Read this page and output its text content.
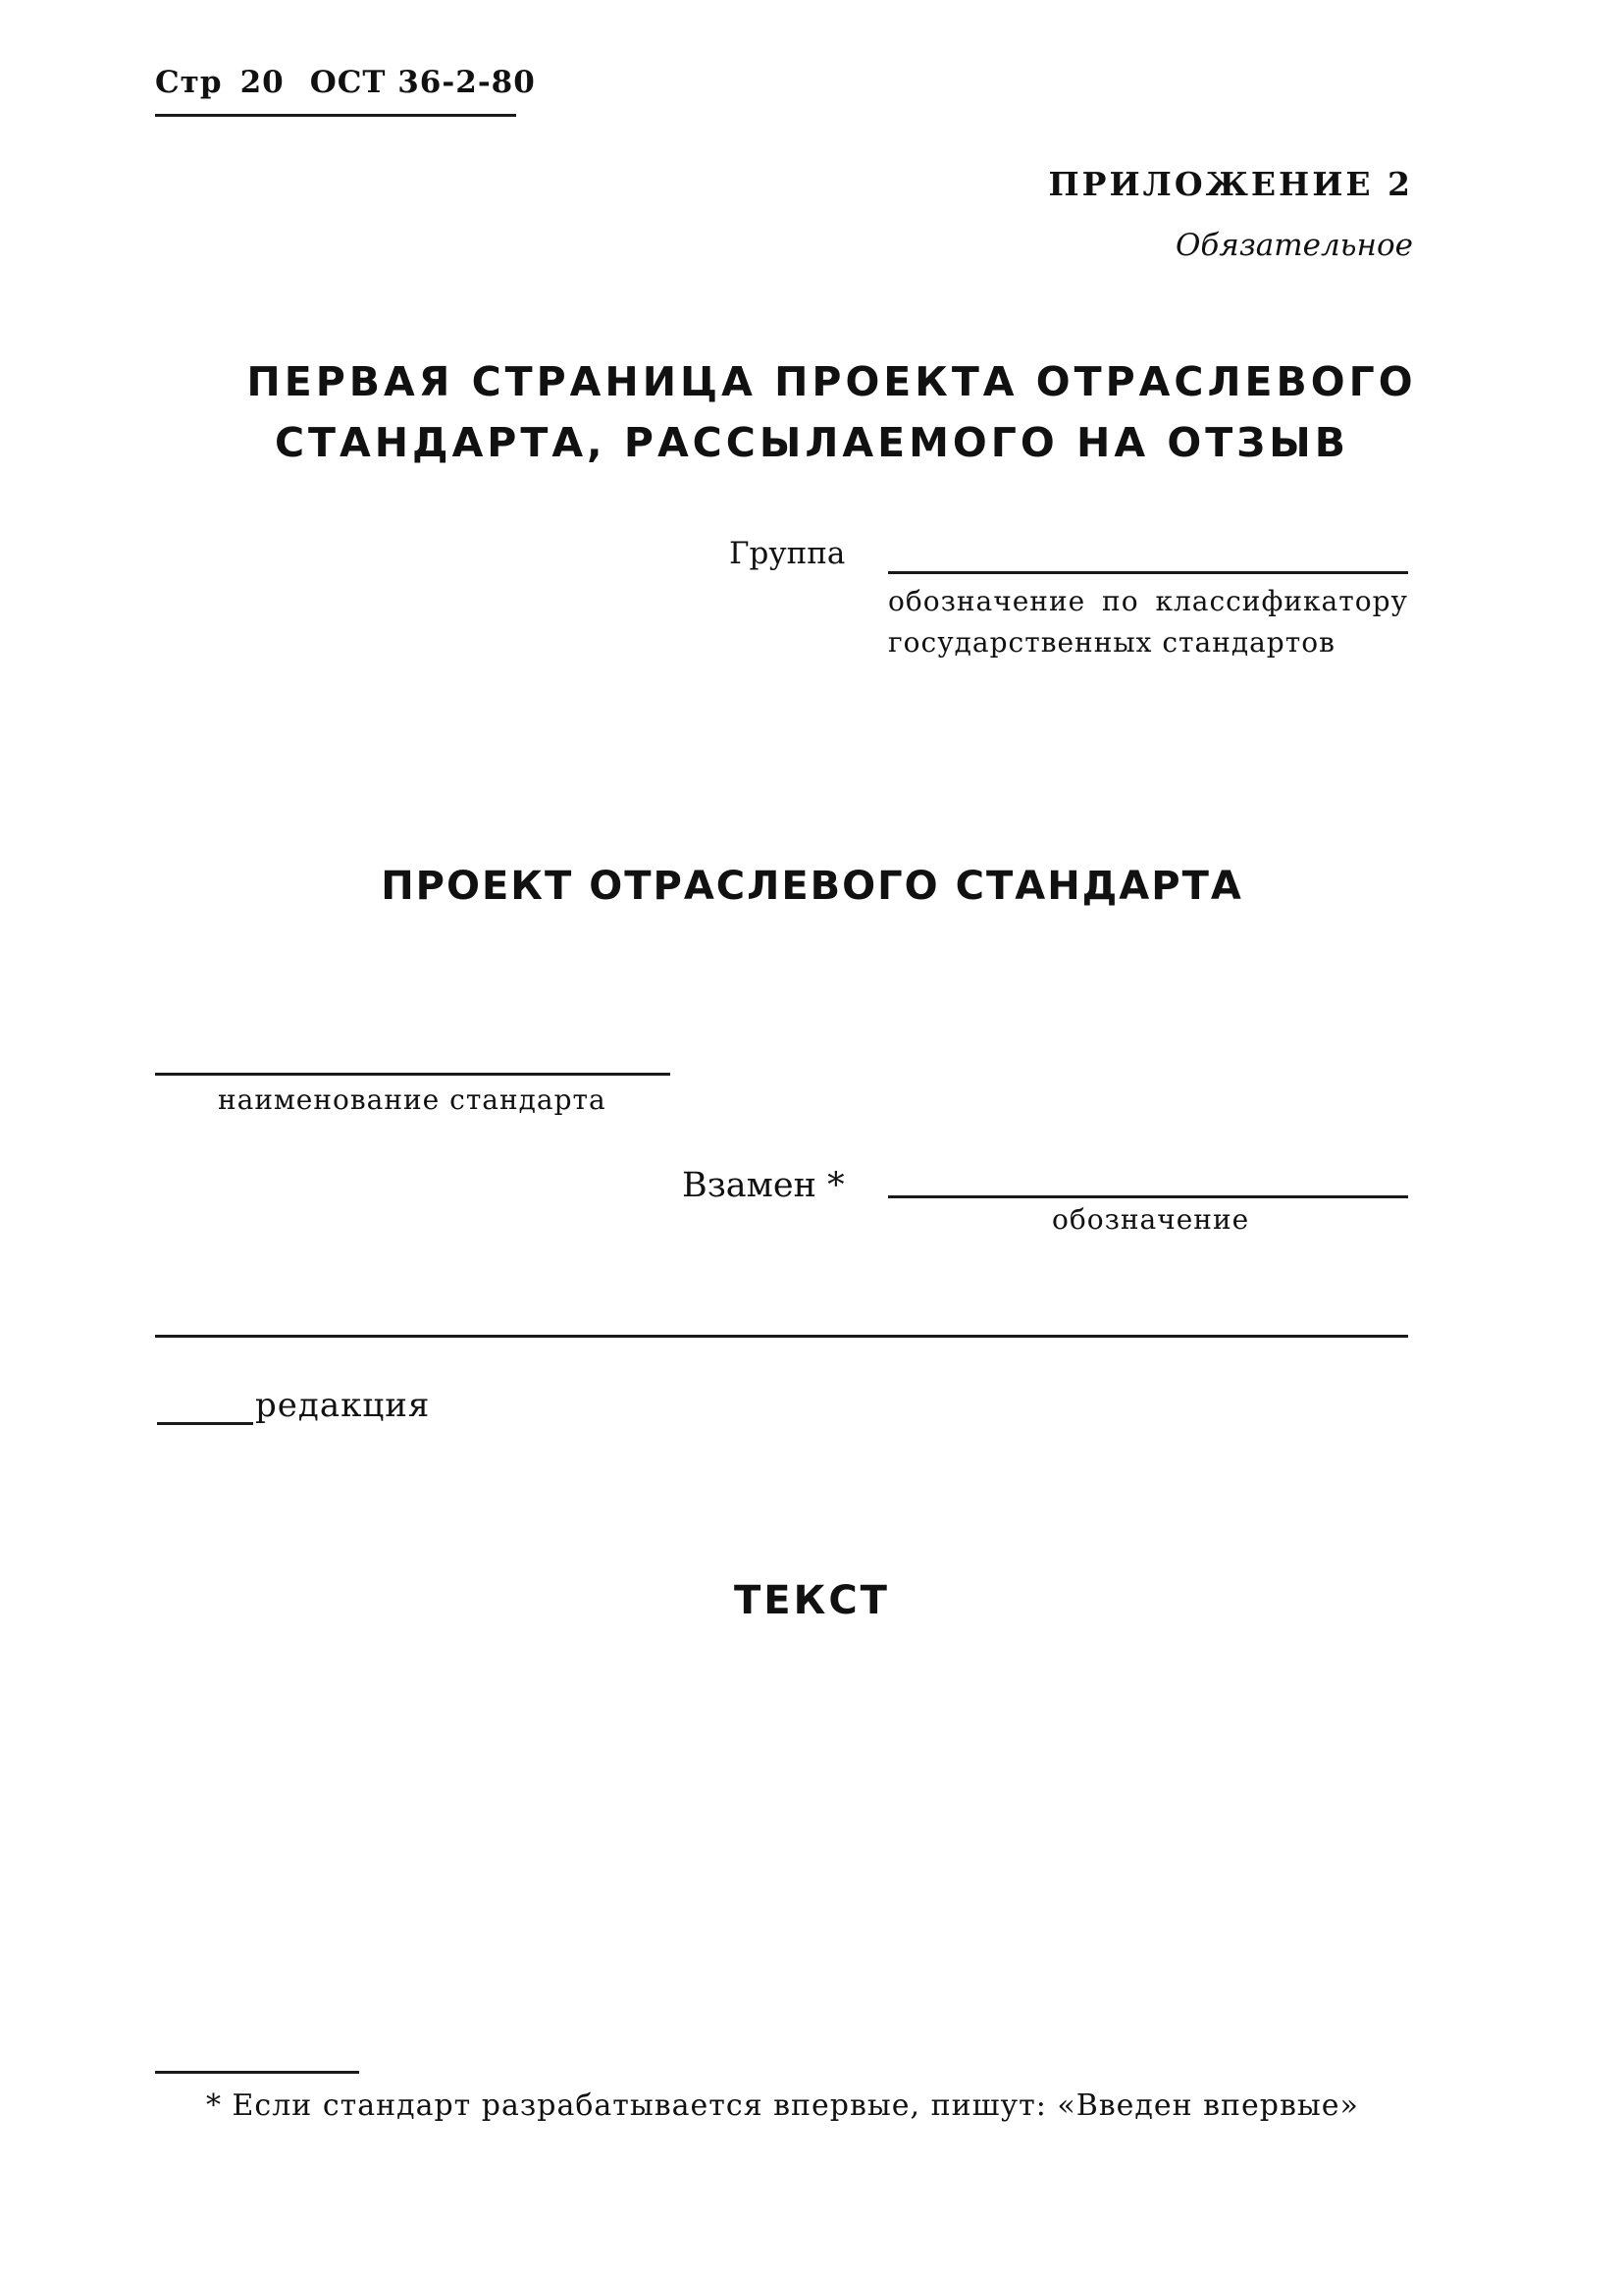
Стр 20 ОСТ 36-2-80
ПРИЛОЖЕНИЕ 2
Обязательное
ПЕРВАЯ СТРАНИЦА ПРОЕКТА ОТРАСЛЕВОГО
СТАНДАРТА, РАССЫЛАЕМОГО НА ОТЗЫВ
Группа
обозначение по классификатору государственных стандартов
ПРОЕКТ ОТРАСЛЕВОГО СТАНДАРТА
наименование стандарта
Взамен *
обозначение
редакция
ТЕКСТ
* Если стандарт разрабатывается впервые, пишут: «Введен впервые»
